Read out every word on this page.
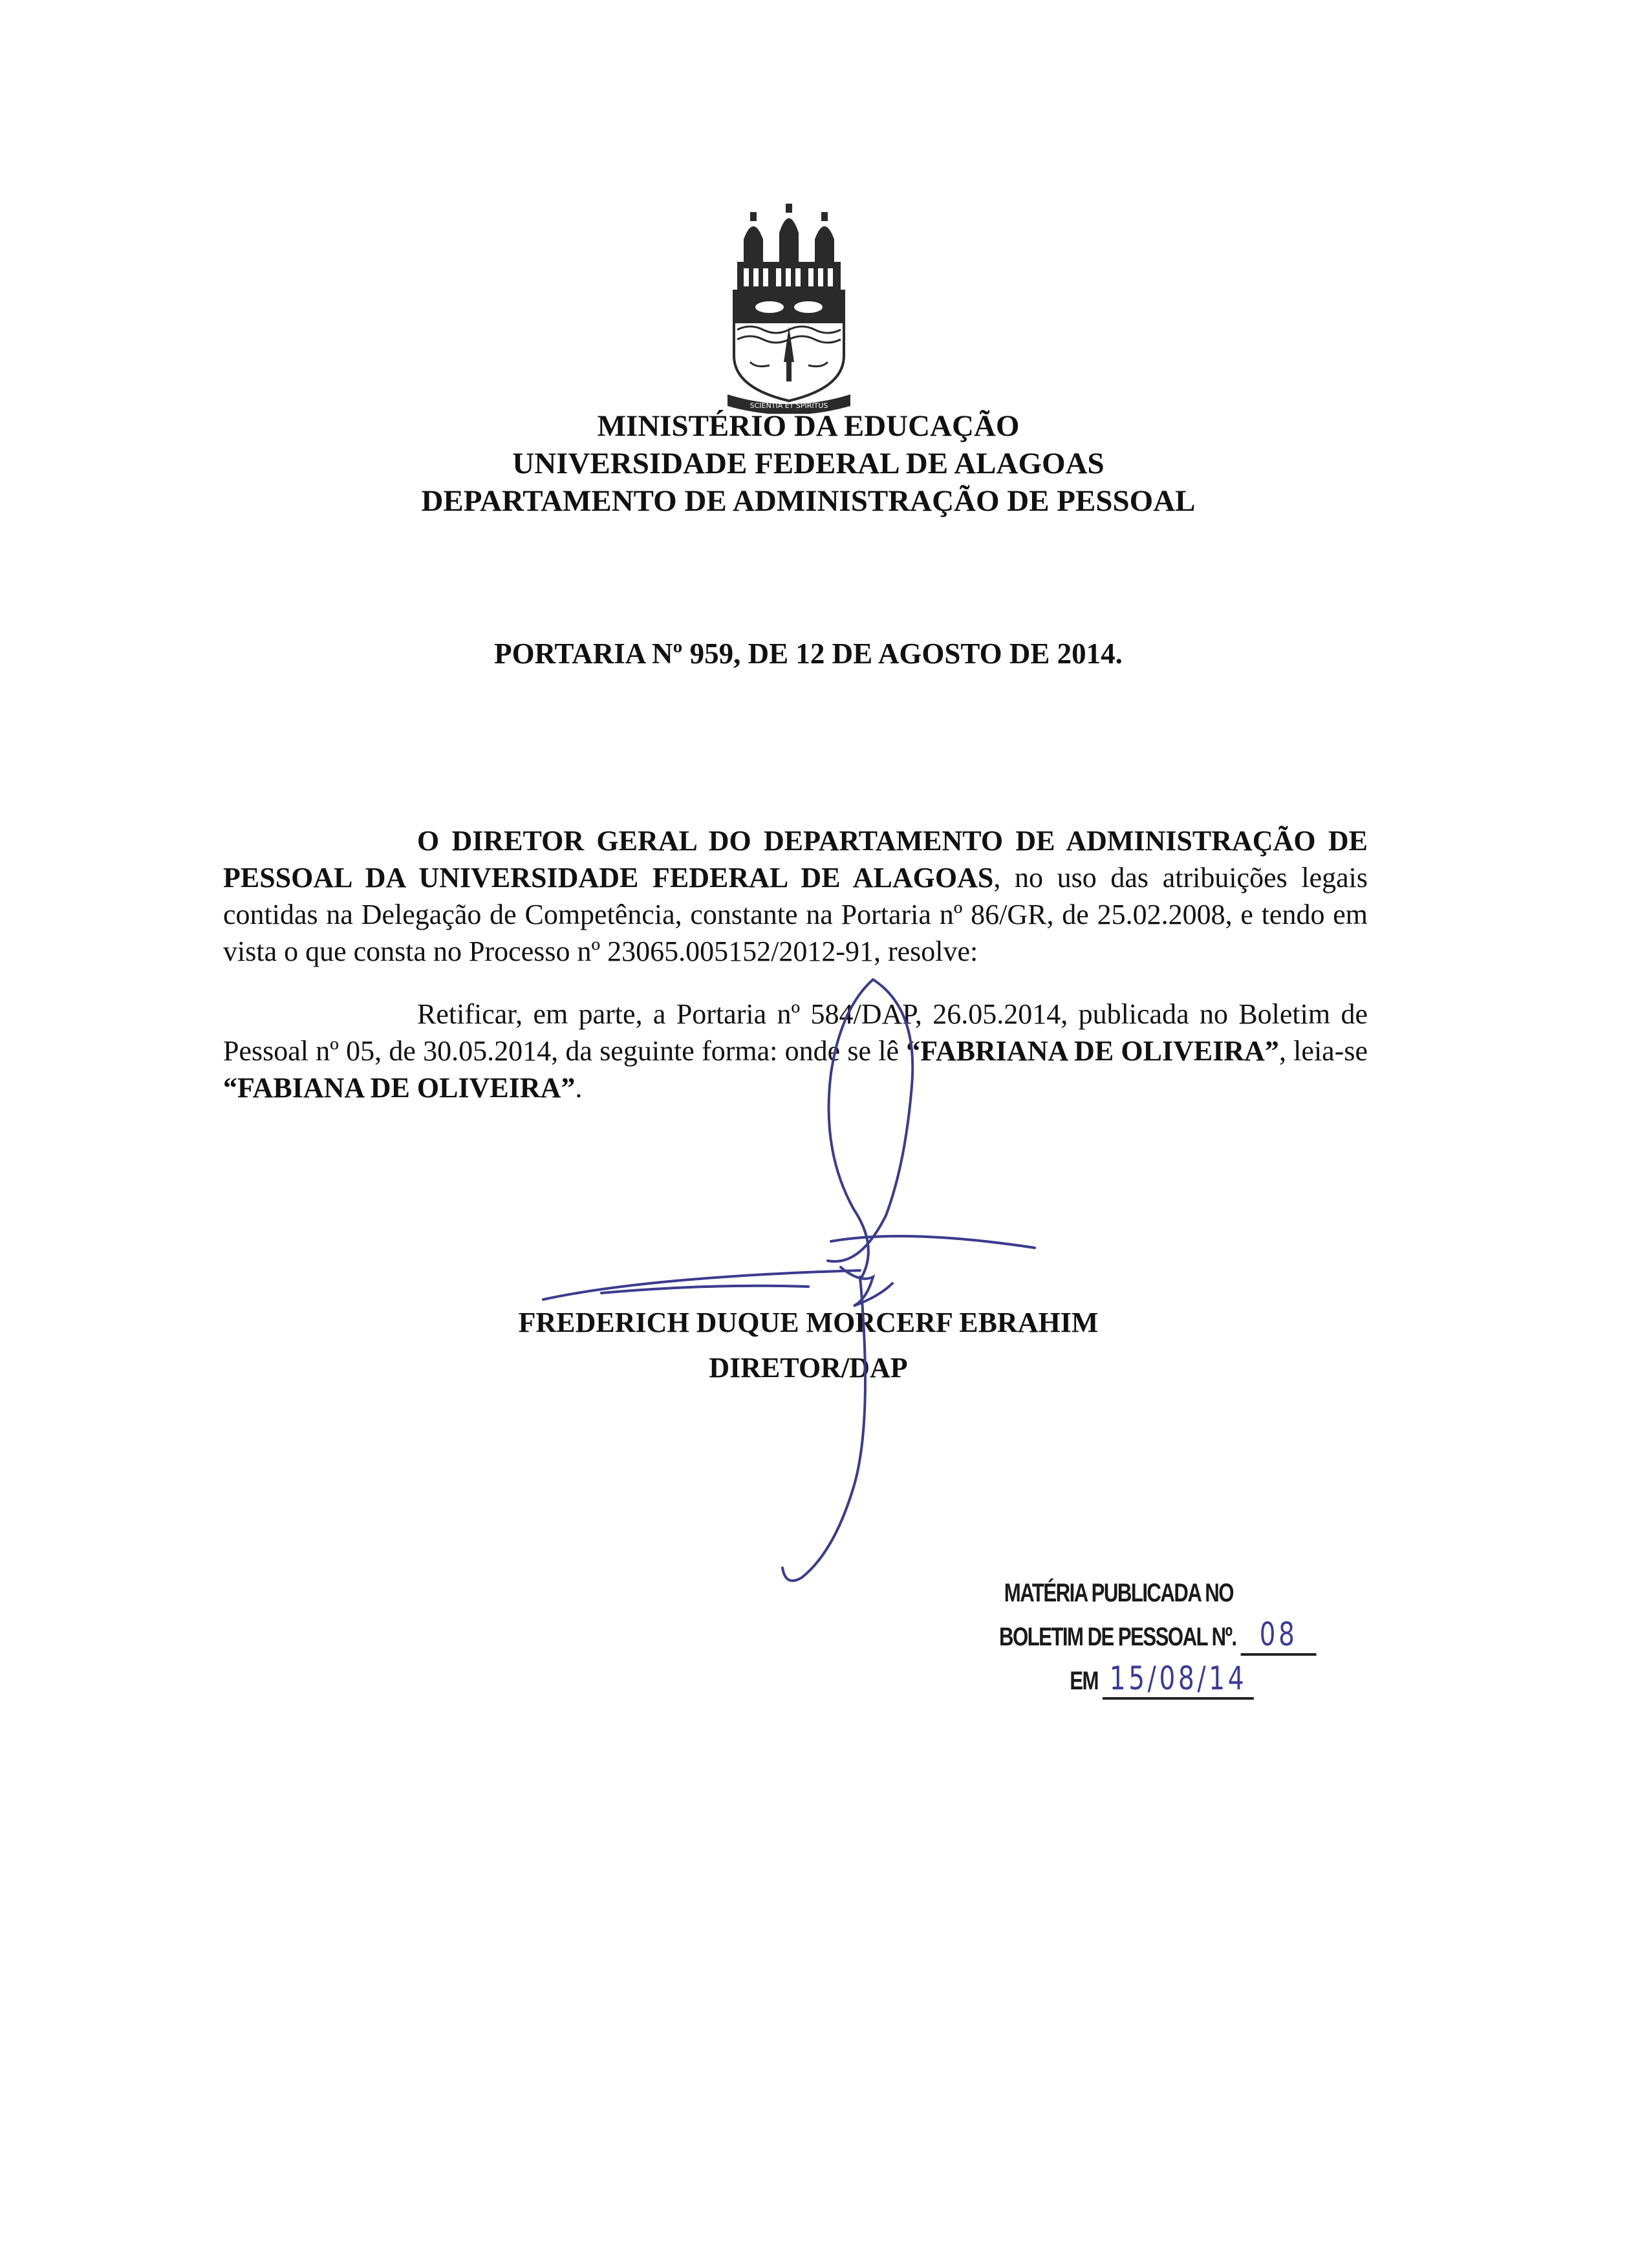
SCIENTIA ET SPIRITUS
MINISTÉRIO DA EDUCAÇÃO
UNIVERSIDADE FEDERAL DE ALAGOAS
DEPARTAMENTO DE ADMINISTRAÇÃO DE PESSOAL
PORTARIA Nº 959, DE 12 DE AGOSTO DE 2014.

O DIRETOR GERAL DO DEPARTAMENTO DE ADMINISTRAÇÃO DE PESSOAL DA UNIVERSIDADE FEDERAL DE ALAGOAS, no uso das atribuições legais contidas na Delegação de Competência, constante na Portaria nº 86/GR, de 25.02.2008, e tendo em vista o que consta no Processo nº 23065.005152/2012-91, resolve:

Retificar, em parte, a Portaria nº 584/DAP, 26.05.2014, publicada no Boletim de Pessoal nº 05, de 30.05.2014, da seguinte forma: onde se lê “FABRIANA DE OLIVEIRA”, leia-se “FABIANA DE OLIVEIRA”.

FREDERICH DUQUE MORCERF EBRAHIM
DIRETOR/DAP
MATÉRIA PUBLICADA NO
BOLETIM DE PESSOAL Nº. 08
EM 15/08/14
